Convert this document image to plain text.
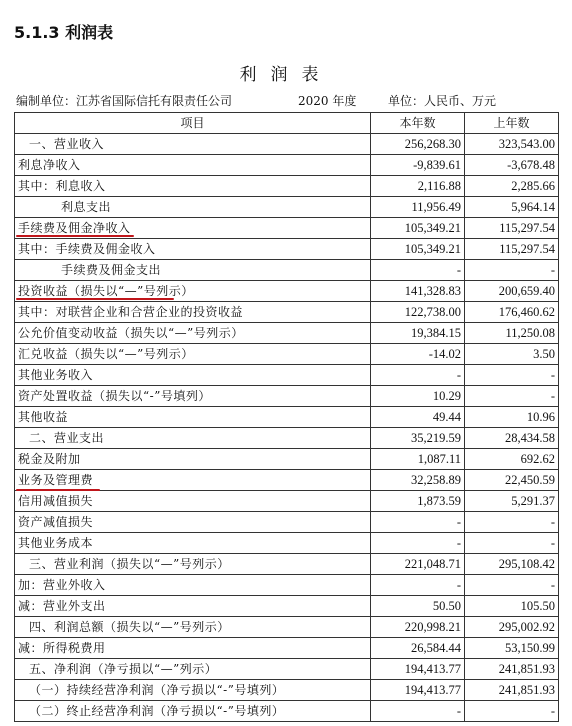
5.1.3 利润表
利润表
编制单位：江苏省国际信托有限责任公司	2020 年度	单位：人民币、万元
项目	本年数	上年数
一、营业收入	256,268.30	323,543.00
利息净收入	-9,839.61	-3,678.48
其中：利息收入	2,116.88	2,285.66
利息支出	11,956.49	5,964.14
手续费及佣金净收入	105,349.21	115,297.54
其中：手续费及佣金收入	105,349.21	115,297.54
手续费及佣金支出	-	-
投资收益（损失以“—”号列示）	141,328.83	200,659.40
其中：对联营企业和合营企业的投资收益	122,738.00	176,460.62
公允价值变动收益（损失以“—”号列示）	19,384.15	11,250.08
汇兑收益（损失以“—”号列示）	-14.02	3.50
其他业务收入	-	-
资产处置收益（损失以“-”号填列）	10.29	-
其他收益	49.44	10.96
二、营业支出	35,219.59	28,434.58
税金及附加	1,087.11	692.62
业务及管理费	32,258.89	22,450.59
信用减值损失	1,873.59	5,291.37
资产减值损失	-	-
其他业务成本	-	-
三、营业利润（损失以“—”号列示）	221,048.71	295,108.42
加：营业外收入	-	-
减：营业外支出	50.50	105.50
四、利润总额（损失以“—”号列示）	220,998.21	295,002.92
减：所得税费用	26,584.44	53,150.99
五、净利润（净亏损以“—”列示）	194,413.77	241,851.93
（一）持续经营净利润（净亏损以“-”号填列）	194,413.77	241,851.93
（二）终止经营净利润（净亏损以“-”号填列）	-	-
